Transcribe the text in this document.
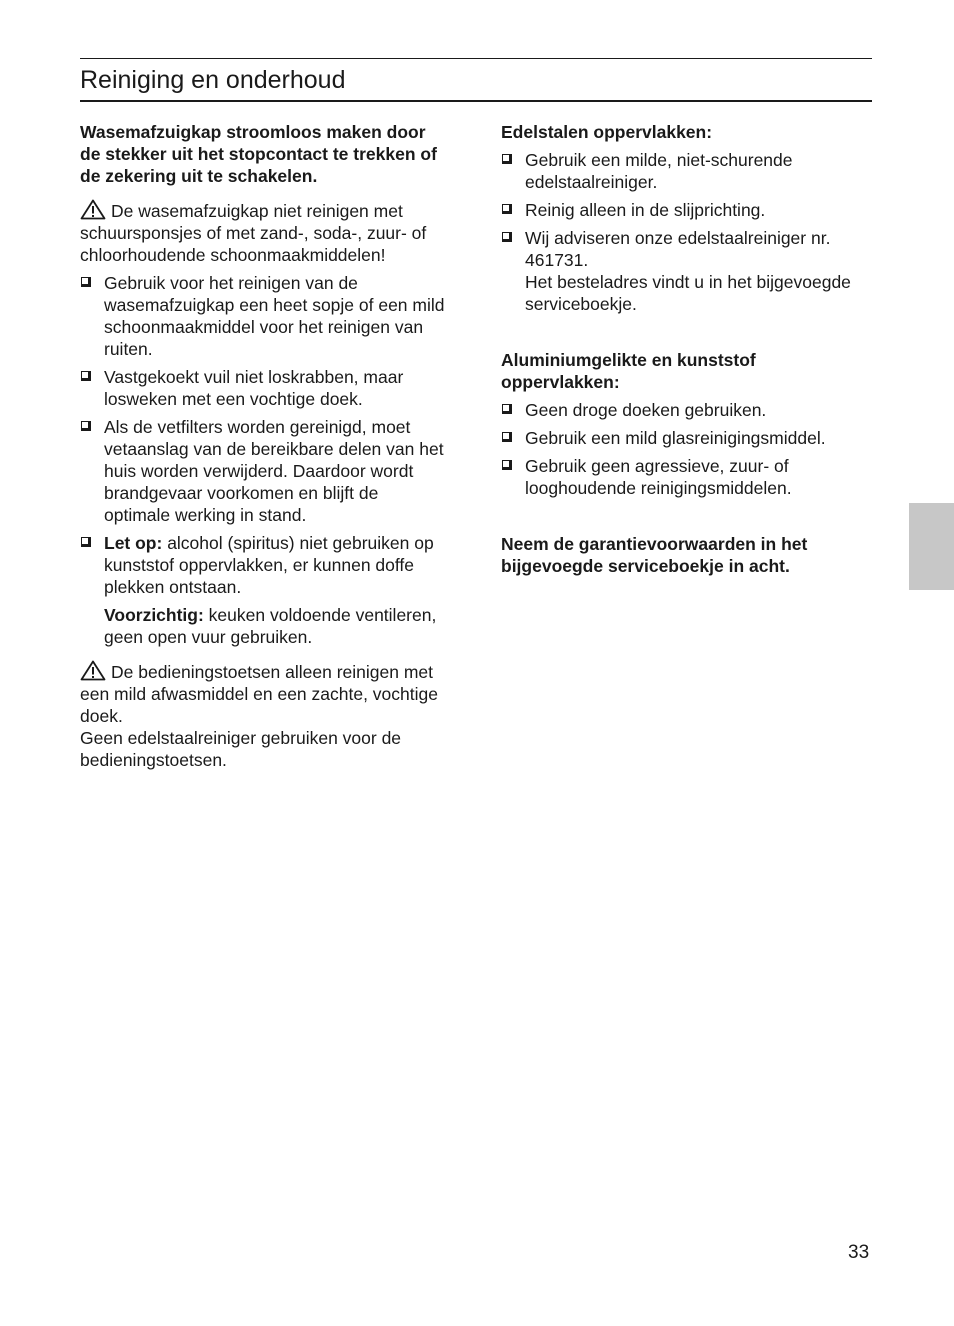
Reiniging en onderhoud

Wasemafzuigkap stroomloos maken door de stekker uit het stopcontact te trekken of de zekering uit te schakelen.

De wasemafzuigkap niet reinigen met schuursponsjes of met zand-, soda-, zuur- of chloorhoudende schoonmaakmiddelen!

Gebruik voor het reinigen van de wasemafzuigkap een heet sopje of een mild schoonmaakmiddel voor het reinigen van ruiten.
Vastgekoekt vuil niet loskrabben, maar losweken met een vochtige doek.
Als de vetfilters worden gereinigd, moet vetaanslag van de bereikbare delen van het huis worden verwijderd. Daardoor wordt brandgevaar voorkomen en blijft de optimale werking in stand.
Let op: alcohol (spiritus) niet gebruiken op kunststof oppervlakken, er kunnen doffe plekken ontstaan.
Voorzichtig: keuken voldoende ventileren, geen open vuur gebruiken.

De bedieningstoetsen alleen reinigen met een mild afwasmiddel en een zachte, vochtige doek.

Geen edelstaalreiniger gebruiken voor de bedieningstoetsen.

Edelstalen oppervlakken:

Gebruik een milde, niet-schurende edelstaalreiniger.
Reinig alleen in de slijprichting.
Wij adviseren onze edelstaalreiniger nr. 461731.
Het besteladres vindt u in het bijgevoegde serviceboekje.

Aluminiumgelikte en kunststof oppervlakken:

Geen droge doeken gebruiken.
Gebruik een mild glasreinigingsmiddel.
Gebruik geen agressieve, zuur- of looghoudende reinigingsmiddelen.

Neem de garantievoorwaarden in het bijgevoegde serviceboekje in acht.

33
